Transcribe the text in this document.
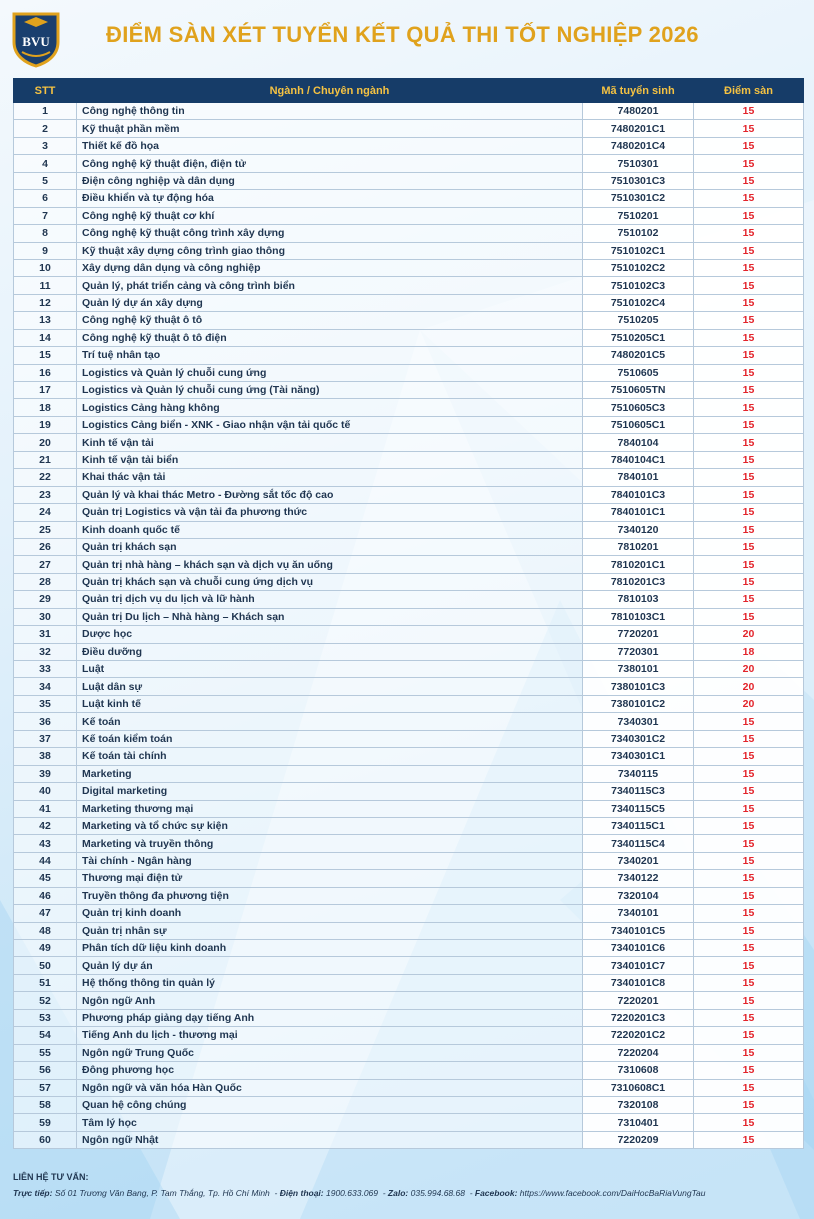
BVU	ĐIỂM SÀN XÉT TUYỂN KẾT QUẢ THI TỐT NGHIỆP 2026
STT	Ngành / Chuyên ngành	Mã tuyển sinh	Điểm sàn
1	Công nghệ thông tin	7480201	15
2	Kỹ thuật phần mềm	7480201C1	15
3	Thiết kế đồ họa	7480201C4	15
4	Công nghệ kỹ thuật điện, điện tử	7510301	15
5	Điện công nghiệp và dân dụng	7510301C3	15
6	Điều khiển và tự động hóa	7510301C2	15
7	Công nghệ kỹ thuật cơ khí	7510201	15
8	Công nghệ kỹ thuật công trình xây dựng	7510102	15
9	Kỹ thuật xây dựng công trình giao thông	7510102C1	15
10	Xây dựng dân dụng và công nghiệp	7510102C2	15
11	Quản lý, phát triển cảng và công trình biển	7510102C3	15
12	Quản lý dự án xây dựng	7510102C4	15
13	Công nghệ kỹ thuật ô tô	7510205	15
14	Công nghệ kỹ thuật ô tô điện	7510205C1	15
15	Trí tuệ nhân tạo	7480201C5	15
16	Logistics và Quản lý chuỗi cung ứng	7510605	15
17	Logistics và Quản lý chuỗi cung ứng (Tài năng)	7510605TN	15
18	Logistics Cảng hàng không	7510605C3	15
19	Logistics Cảng biển - XNK - Giao nhận vận tải quốc tế	7510605C1	15
20	Kinh tế vận tải	7840104	15
21	Kinh tế vận tải biển	7840104C1	15
22	Khai thác vận tải	7840101	15
23	Quản lý và khai thác Metro - Đường sắt tốc độ cao	7840101C3	15
24	Quản trị Logistics và vận tải đa phương thức	7840101C1	15
25	Kinh doanh quốc tế	7340120	15
26	Quản trị khách sạn	7810201	15
27	Quản trị nhà hàng – khách sạn và dịch vụ ăn uống	7810201C1	15
28	Quản trị khách sạn và chuỗi cung ứng dịch vụ	7810201C3	15
29	Quản trị dịch vụ du lịch và lữ hành	7810103	15
30	Quản trị Du lịch – Nhà hàng – Khách sạn	7810103C1	15
31	Dược học	7720201	20
32	Điều dưỡng	7720301	18
33	Luật	7380101	20
34	Luật dân sự	7380101C3	20
35	Luật kinh tế	7380101C2	20
36	Kế toán	7340301	15
37	Kế toán kiểm toán	7340301C2	15
38	Kế toán tài chính	7340301C1	15
39	Marketing	7340115	15
40	Digital marketing	7340115C3	15
41	Marketing thương mại	7340115C5	15
42	Marketing và tổ chức sự kiện	7340115C1	15
43	Marketing và truyền thông	7340115C4	15
44	Tài chính - Ngân hàng	7340201	15
45	Thương mại điện tử	7340122	15
46	Truyền thông đa phương tiện	7320104	15
47	Quản trị kinh doanh	7340101	15
48	Quản trị nhân sự	7340101C5	15
49	Phân tích dữ liệu kinh doanh	7340101C6	15
50	Quản lý dự án	7340101C7	15
51	Hệ thống thông tin quản lý	7340101C8	15
52	Ngôn ngữ Anh	7220201	15
53	Phương pháp giảng dạy tiếng Anh	7220201C3	15
54	Tiếng Anh du lịch - thương mại	7220201C2	15
55	Ngôn ngữ Trung Quốc	7220204	15
56	Đông phương học	7310608	15
57	Ngôn ngữ và văn hóa Hàn Quốc	7310608C1	15
58	Quan hệ công chúng	7320108	15
59	Tâm lý học	7310401	15
60	Ngôn ngữ Nhật	7220209	15
LIÊN HỆ TƯ VẤN:
Trực tiếp: Số 01 Trương Văn Bang, P. Tam Thắng, Tp. Hồ Chí Minh  - Điện thoại: 1900.633.069  - Zalo: 035.994.68.68  - Facebook: https://www.facebook.com/DaiHocBaRiaVungTau
